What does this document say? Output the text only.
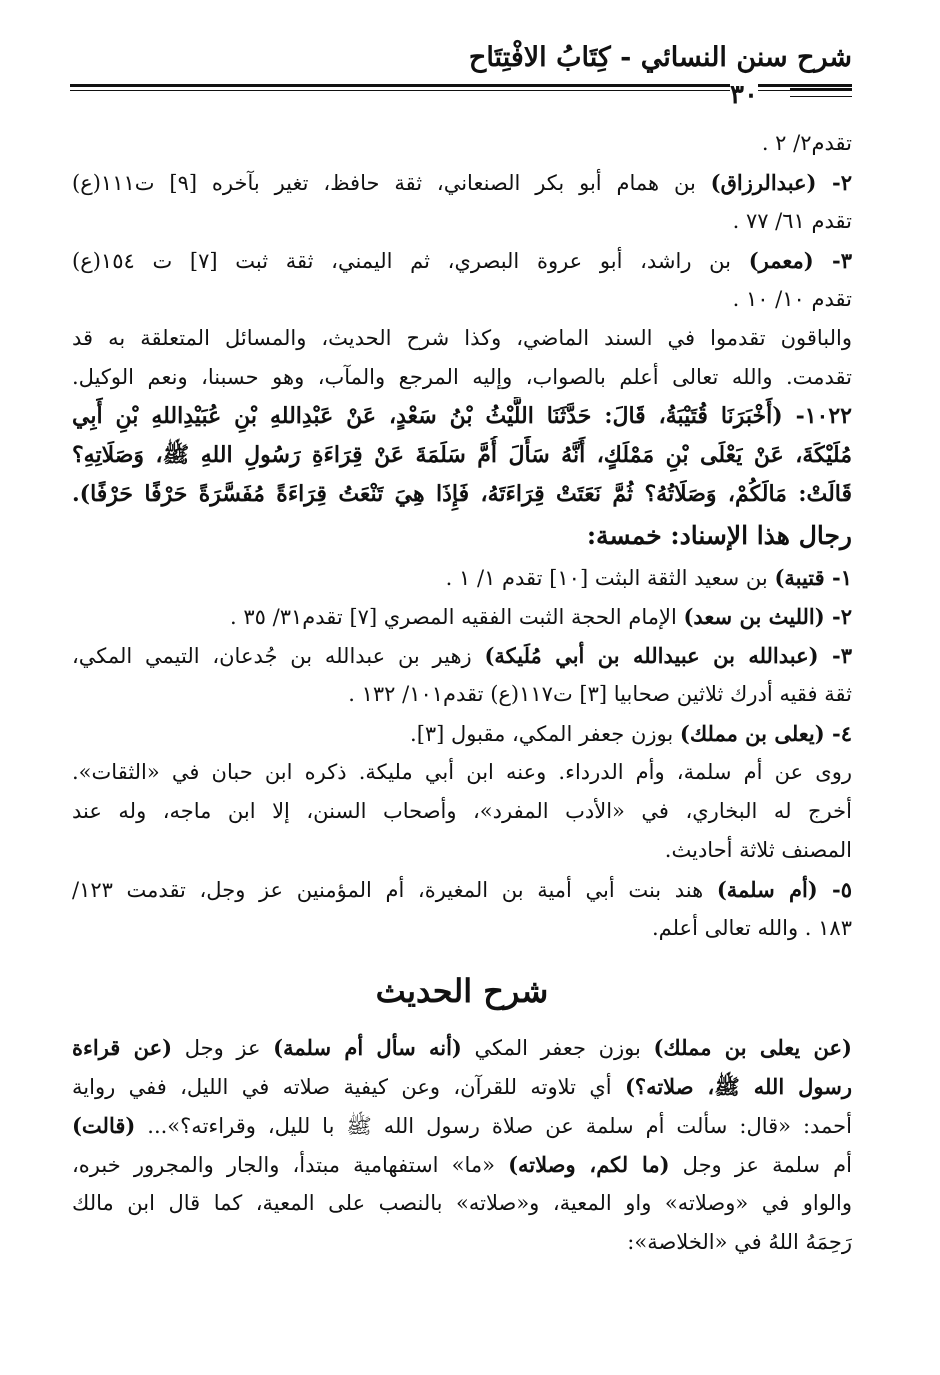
شرح سنن النسائي - كِتَابُ الافْتِتَاح
٣٠
تقدم٢/ ٢ .
٢- (عبدالرزاق) بن همام أبو بكر الصنعاني، ثقة حافظ، تغير بآخره [٩] ت١١١(ع)
تقدم ٦١/ ٧٧ .
٣- (معمر) بن راشد، أبو عروة البصري، ثم اليمني، ثقة ثبت [٧] ت ١٥٤(ع)
تقدم ١٠/ ١٠ .
والباقون تقدموا في السند الماضي، وكذا شرح الحديث، والمسائل المتعلقة به قد
تقدمت. والله تعالى أعلم بالصواب، وإليه المرجع والمآب، وهو حسبنا، ونعم الوكيل.
١٠٢٢- (أَخْبَرَنَا قُتَيْبَةُ، قَالَ: حَدَّثَنَا اللَّيْثُ بْنُ سَعْدٍ، عَنْ عَبْدِاللهِ بْنِ عُبَيْدِاللهِ بْنِ أَبِي
مُلَيْكَةَ، عَنْ يَعْلَى بْنِ مَمْلَكٍ، أَنَّهُ سَأَلَ أُمَّ سَلَمَةَ عَنْ قِرَاءَةِ رَسُولِ اللهِ ﷺ، وَصَلَاتِهِ؟
قَالَتْ: مَالَكُمْ، وَصَلَاتُهُ؟ ثُمَّ نَعَتَتْ قِرَاءَتَهُ، فَإِذَا هِيَ تَنْعَتُ قِرَاءَةً مُفَسَّرَةً حَرْفًا حَرْفًا).
رجال هذا الإسناد: خمسة:
١- قتيبة) بن سعيد الثقة البثت [١٠] تقدم ١/ ١ .
٢- (الليث بن سعد) الإمام الحجة الثبت الفقيه المصري [٧] تقدم٣١/ ٣٥ .
٣- (عبدالله بن عبيدالله بن أبي مُلَيكة) زهير بن عبدالله بن جُدعان، التيمي المكي،
ثقة فقيه أدرك ثلاثين صحابيا [٣] ت١١٧(ع) تقدم١٠١/ ١٣٢ .
٤- (يعلى بن مملك) بوزن جعفر المكي، مقبول [٣].
روى عن أم سلمة، وأم الدرداء. وعنه ابن أبي مليكة. ذكره ابن حبان في «الثقات».
أخرج له البخاري، في «الأدب المفرد»، وأصحاب السنن، إلا ابن ماجه، وله عند
المصنف ثلاثة أحاديث.
٥- (أم سلمة) هند بنت أبي أمية بن المغيرة، أم المؤمنين عز وجل، تقدمت ١٢٣/
١٨٣ . والله تعالى أعلم.
شرح الحديث
(عن يعلى بن مملك) بوزن جعفر المكي (أنه سأل أم سلمة) عز وجل (عن قراءة
رسول الله ﷺ، صلاته؟) أي تلاوته للقرآن، وعن كيفية صلاته في الليل، ففي رواية
أحمد: «قال: سألت أم سلمة عن صلاة رسول الله ﷺ با لليل، وقراءته؟»... (قالت)
أم سلمة عز وجل (ما لكم، وصلاته) «ما» استفهامية مبتدأ، والجار والمجرور خبره،
والواو في «وصلاته» واو المعية، و«صلاته» بالنصب على المعية، كما قال ابن مالك
رَحِمَهُ اللهُ في «الخلاصة»:
